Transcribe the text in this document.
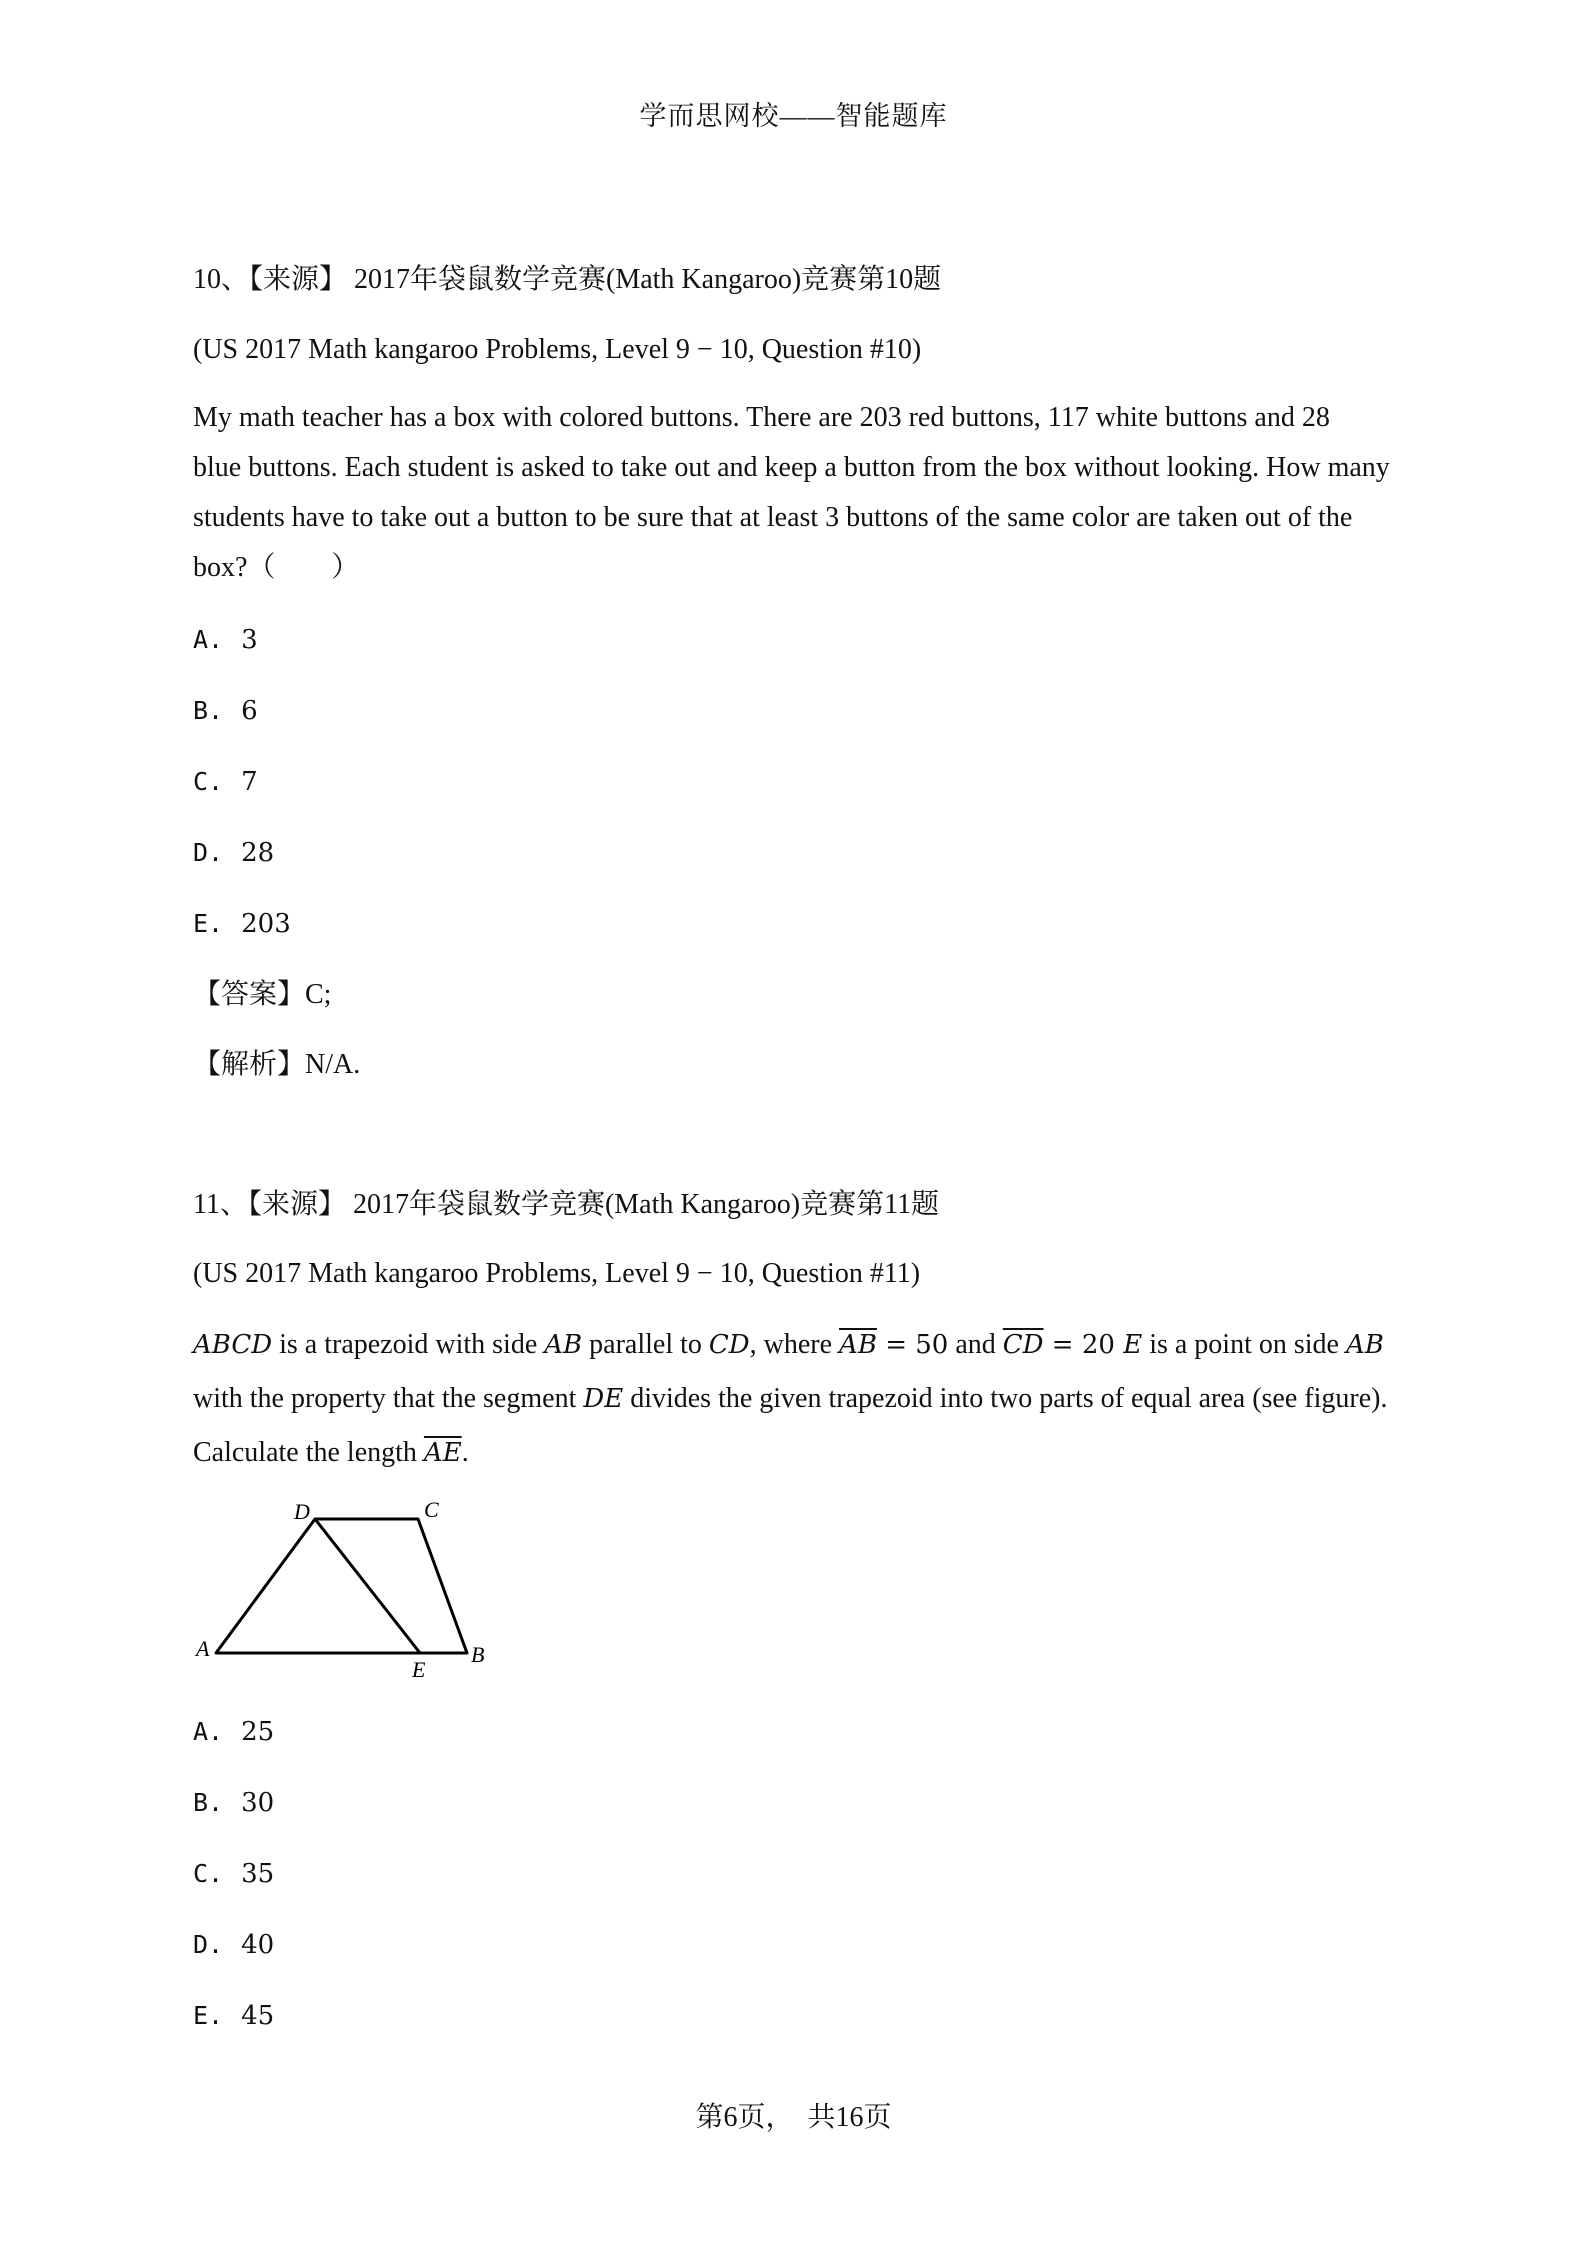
学而思网校——智能题库
10、【来源】 2017年袋鼠数学竞赛(Math Kangaroo)竞赛第10题
(US 2017 Math kangaroo Problems, Level 9 − 10, Question #10)
My math teacher has a box with colored buttons. There are 203 red buttons, 117 white buttons and 28
blue buttons. Each student is asked to take out and keep a button from the box without looking. How many
students have to take out a button to be sure that at least 3 buttons of the same color are taken out of the
box?（　　）
A. 3
B. 6
C. 7
D. 28
E. 203
【答案】C;
【解析】N/A.
11、【来源】 2017年袋鼠数学竞赛(Math Kangaroo)竞赛第11题
(US 2017 Math kangaroo Problems, Level 9 − 10, Question #11)
ABCD is a trapezoid with side AB parallel to CD, where $\overline{AB} = 50$ and $\overline{CD} = 20$ E is a point on side AB
with the property that the segment DE divides the given trapezoid into two parts of equal area (see figure).
Calculate the length $\overline{AE}$.
D	C
A	B
E
A. 25
B. 30
C. 35
D. 40
E. 45
第6页，　共16页
